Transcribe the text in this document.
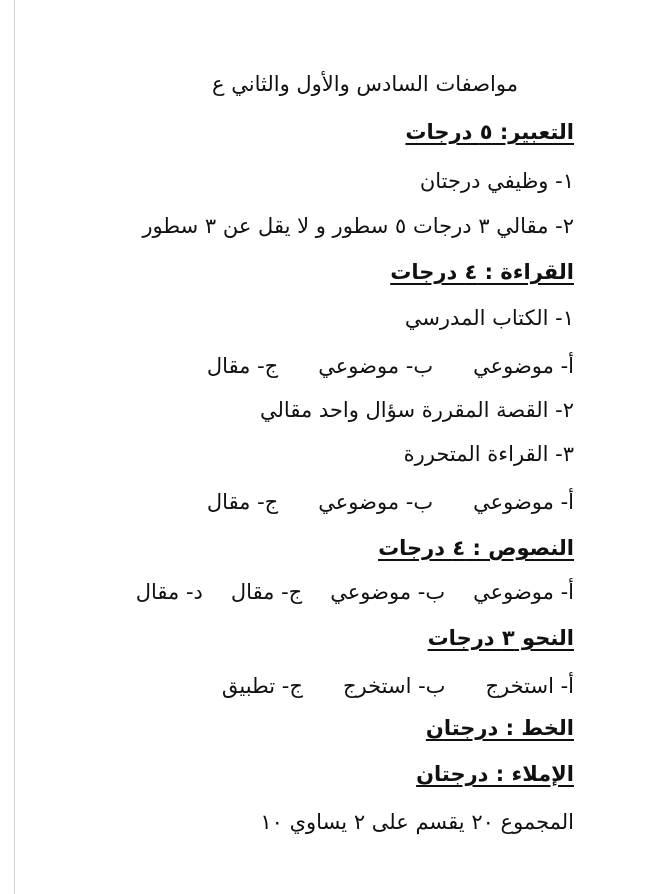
مواصفات السادس والأول والثاني ع
التعبير: ٥ درجات
١- وظيفي درجتان
٢- مقالي ٣ درجات ٥ سطور و لا يقل عن ٣ سطور
القراءة : ٤ درجات
١- الكتاب المدرسي
أ- موضوعيب- موضوعيج- مقال
٢- القصة المقررة سؤال واحد مقالي
٣- القراءة المتحررة
أ- موضوعيب- موضوعيج- مقال
النصوص : ٤ درجات
أ- موضوعيب- موضوعيج- مقالد- مقال
النحو ٣ درجات
أ- استخرجب- استخرجج- تطبيق
الخط : درجتان
الإملاء : درجتان
المجموع ٢٠ يقسم على ٢ يساوي ١٠
